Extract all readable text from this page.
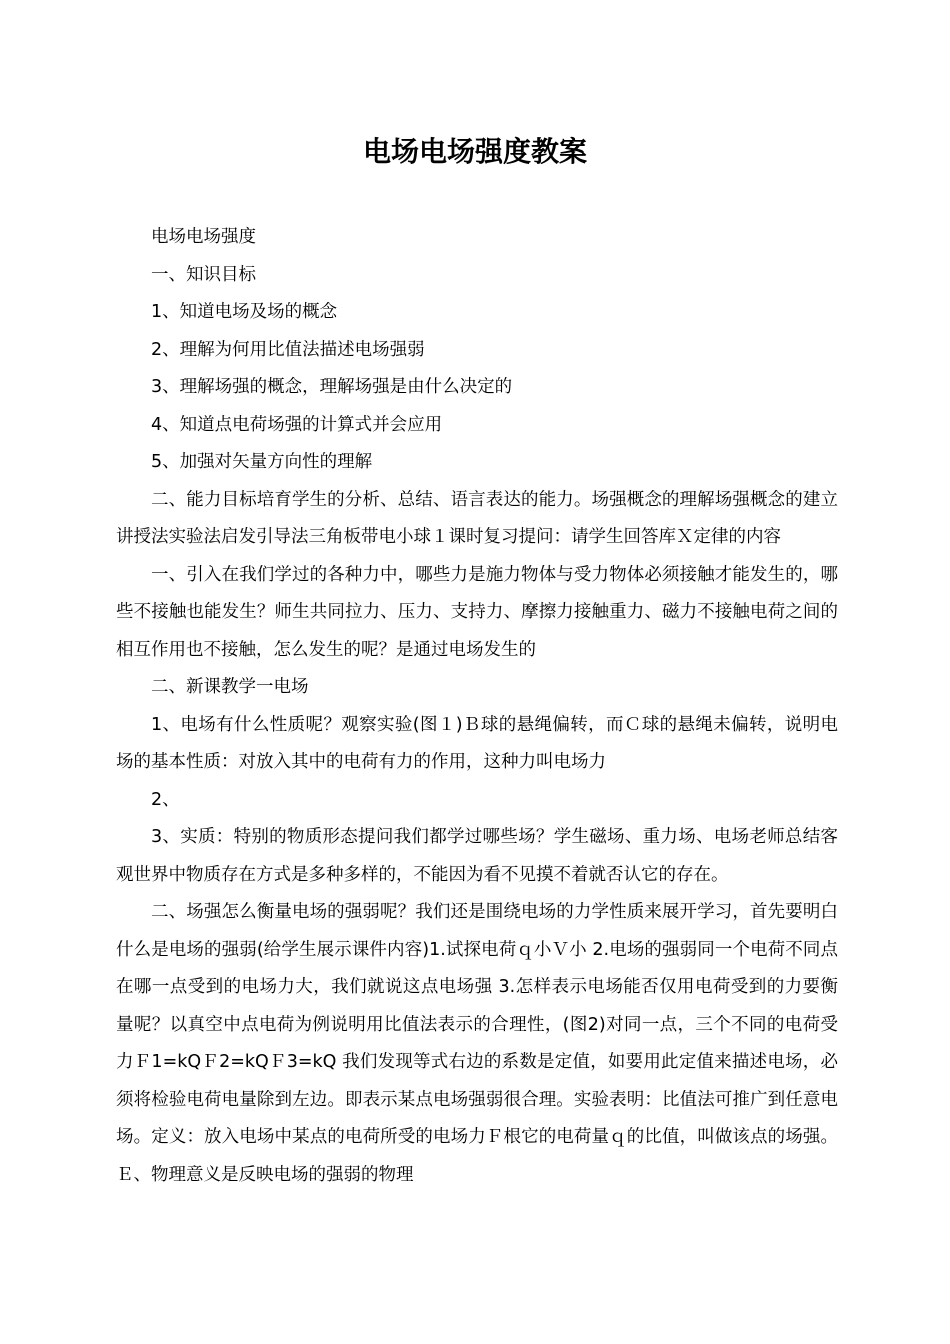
电场电场强度教案

电场电场强度

一、知识目标

1、知道电场及场的概念

2、理解为何用比值法描述电场强弱

3、理解场强的概念，理解场强是由什么决定的

4、知道点电荷场强的计算式并会应用

5、加强对矢量方向性的理解

二、能力目标培育学生的分析、总结、语言表达的能力。场强概念的理解场强概念的建立讲授法实验法启发引导法三角板带电小球１课时复习提问：请学生回答库Ｘ定律的内容

一、引入在我们学过的各种力中，哪些力是施力物体与受力物体必须接触才能发生的，哪些不接触也能发生？师生共同拉力、压力、支持力、摩擦力接触重力、磁力不接触电荷之间的相互作用也不接触，怎么发生的呢？是通过电场发生的

二、新课教学一电场

1、电场有什么性质呢？观察实验(图１)Ｂ球的悬绳偏转，而Ｃ球的悬绳未偏转，说明电场的基本性质：对放入其中的电荷有力的作用，这种力叫电场力

2、

3、实质：特别的物质形态提问我们都学过哪些场？学生磁场、重力场、电场老师总结客观世界中物质存在方式是多种多样的，不能因为看不见摸不着就否认它的存在。

二、场强怎么衡量电场的强弱呢？我们还是围绕电场的力学性质来展开学习，首先要明白什么是电场的强弱(给学生展示课件内容)1.试探电荷ｑ小Ｖ小 2.电场的强弱同一个电荷不同点在哪一点受到的电场力大，我们就说这点电场强 3.怎样表示电场能否仅用电荷受到的力要衡量呢？以真空中点电荷为例说明用比值法表示的合理性，(图2)对同一点，三个不同的电荷受力Ｆ1=kQＦ2=kQＦ3=kQ 我们发现等式右边的系数是定值，如要用此定值来描述电场，必须将检验电荷电量除到左边。即表示某点电场强弱很合理。实验表明：比值法可推广到任意电场。定义：放入电场中某点的电荷所受的电场力Ｆ根它的电荷量ｑ的比值，叫做该点的场强。Ｅ、物理意义是反映电场的强弱的物理
